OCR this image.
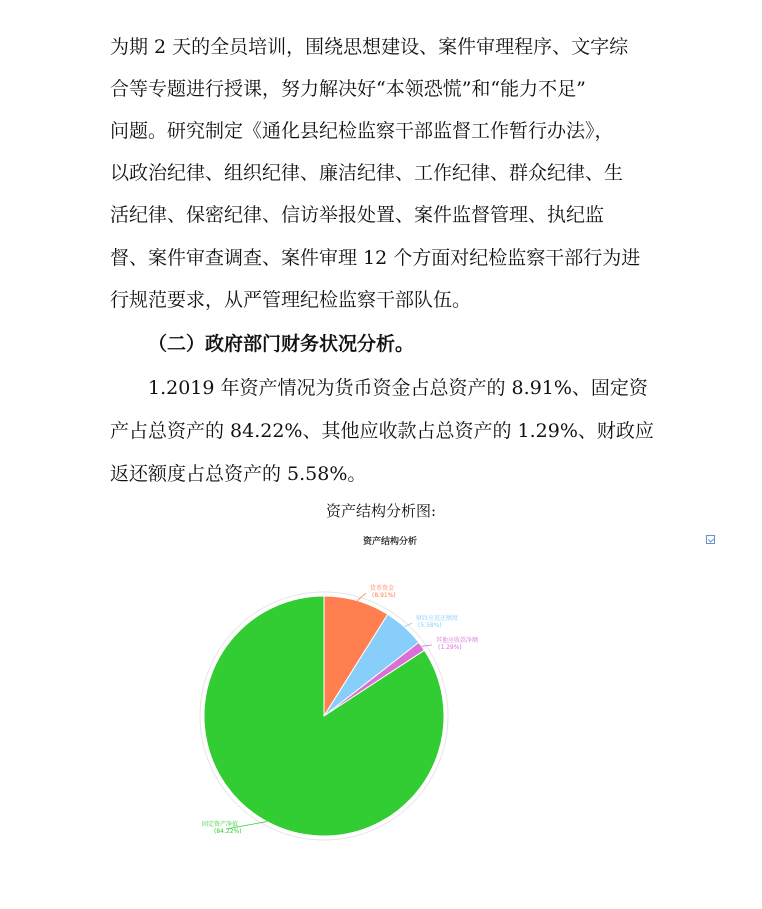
为期 2 天的全员培训，围绕思想建设、案件审理程序、文字综
合等专题进行授课，努力解决好“本领恐慌”和“能力不足”
问题。研究制定《通化县纪检监察干部监督工作暂行办法》，
以政治纪律、组织纪律、廉洁纪律、工作纪律、群众纪律、生
活纪律、保密纪律、信访举报处置、案件监督管理、执纪监
督、案件审查调查、案件审理 12 个方面对纪检监察干部行为进
行规范要求，从严管理纪检监察干部队伍。
（二）政府部门财务状况分析。
1.2019 年资产情况为货币资金占总资产的 8.91%、固定资
产占总资产的 84.22%、其他应收款占总资产的 1.29%、财政应
返还额度占总资产的 5.58%。
资产结构分析图:
资产结构分析
货币资金
(8.91%)
财政应返还额度
(5.58%)
其他应收款净额
(1.29%)
固定资产净值
(84.22%)
